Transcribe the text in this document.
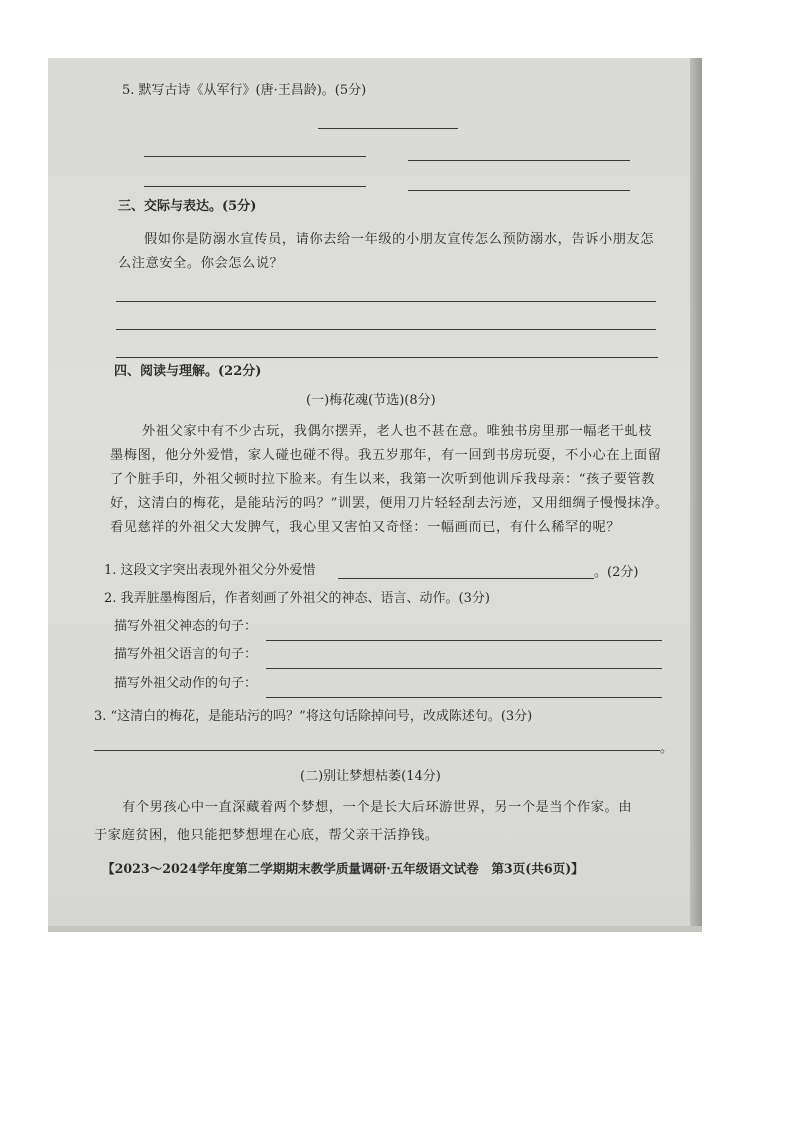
5. 默写古诗《从军行》(唐·王昌龄)。(5分)
三、交际与表达。(5分)
假如你是防溺水宣传员，请你去给一年级的小朋友宣传怎么预防溺水，告诉小朋友怎
么注意安全。你会怎么说？
四、阅读与理解。(22分)
(一)梅花魂(节选)(8分)
外祖父家中有不少古玩，我偶尔摆弄，老人也不甚在意。唯独书房里那一幅老干虬枝
墨梅图，他分外爱惜，家人碰也碰不得。我五岁那年，有一回到书房玩耍，不小心在上面留
了个脏手印，外祖父顿时拉下脸来。有生以来，我第一次听到他训斥我母亲：“孩子要管教
好，这清白的梅花，是能玷污的吗？”训罢，便用刀片轻轻刮去污迹，又用细绸子慢慢抹净。
看见慈祥的外祖父大发脾气，我心里又害怕又奇怪：一幅画而已，有什么稀罕的呢？
1. 这段文字突出表现外祖父分外爱惜	。(2分)
2. 我弄脏墨梅图后，作者刻画了外祖父的神态、语言、动作。(3分)
描写外祖父神态的句子：
描写外祖父语言的句子：
描写外祖父动作的句子：
3. “这清白的梅花，是能玷污的吗？”将这句话除掉问号，改成陈述句。(3分)
。
(二)别让梦想枯萎(14分)
有个男孩心中一直深藏着两个梦想，一个是长大后环游世界，另一个是当个作家。由
于家庭贫困，他只能把梦想埋在心底，帮父亲干活挣钱。
【2023～2024学年度第二学期期末教学质量调研·五年级语文试卷　第3页(共6页)】
